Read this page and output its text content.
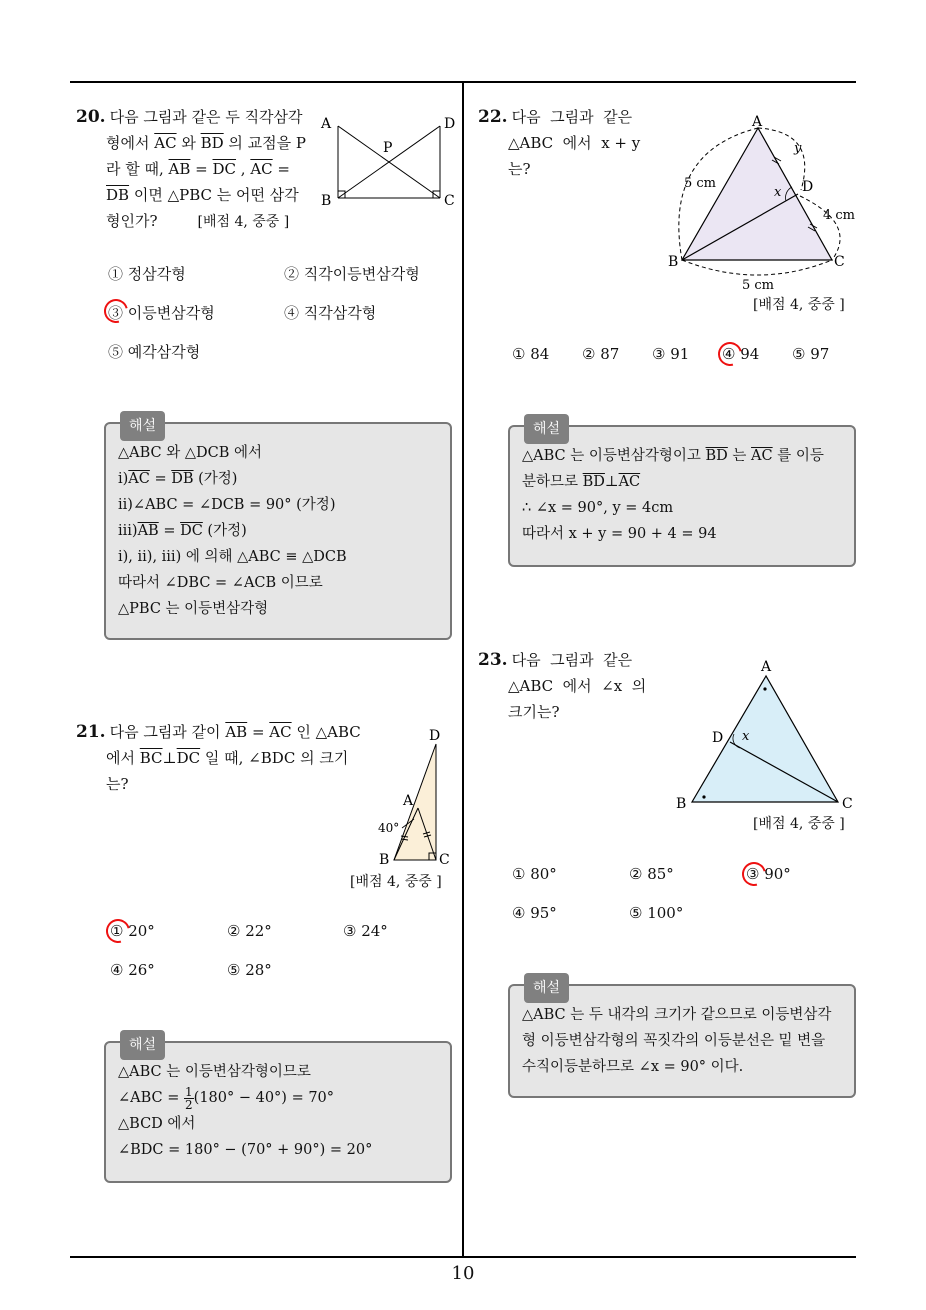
10
20. 다음 그림과 같은 두 직각삼각
형에서 $\overline{AC}$ 와 $\overline{BD}$ 의 교점을 P
라 할 때, $\overline{AB} = \overline{DC}$ , $\overline{AC}$ =
$\overline{DB}$ 이면 △PBC 는 어떤 삼각
형인가?	[배점 4, 중중 ]
A	D
B	C
P
① 정삼각형	② 직각이등변삼각형
③ 이등변삼각형	④ 직각삼각형
⑤ 예각삼각형
해설
△ABC 와 △DCB 에서
$ⅰ)\overline{AC} = \overline{DB}$ (가정)
ⅱ)∠ABC = ∠DCB = 90° (가정)
$ⅲ)\overline{AB} = \overline{DC}$ (가정)
ⅰ), ⅱ), ⅲ) 에 의해 △ABC ≡ △DCB
따라서 ∠DBC = ∠ACB 이므로
△PBC 는 이등변삼각형
21. 다음 그림과 같이 $\overline{AB} = \overline{AC}$ 인 △ABC
에서 $\overline{BC}\perp\overline{DC}$ 일 때, ∠BDC 의 크기
는?
40°
D
A
B	C
[배점 4, 중중 ]
① 20°	② 22°	③ 24°
④ 26°	⑤ 28°
해설
△ABC 는 이등변삼각형이므로
∠ABC = $\frac{1}{2} (180^\circ - 40^\circ) = 70^\circ$
△BCD 에서
∠BDC = 180° − (70° + 90°) = 20°
22. 다음  그림과  같은
△ABC  에서  x + y
는?
A
B	C
D
x
y
5 cm
4 cm
5 cm
[배점 4, 중중 ]
① 84 ② 87 ③ 91 ④ 94 ⑤ 97
해설
△ABC 는 이등변삼각형이고 $\overline{BD}$ 는 $\overline{AC}$ 를 이등
분하므로 $\overline{BD}\perp\overline{AC}$
∴ ∠x = 90°, y = 4cm
따라서 x + y = 90 + 4 = 94
23. 다음  그림과  같은
△ABC  에서  ∠x  의
크기는?
A
B	C
D x
[배점 4, 중중 ]
① 80°	② 85°	③ 90°
④ 95°	⑤ 100°
해설
△ABC 는 두 내각의 크기가 같으므로 이등변삼각
형 이등변삼각형의 꼭짓각의 이등분선은 밑 변을
수직이등분하므로 ∠x = 90° 이다.
